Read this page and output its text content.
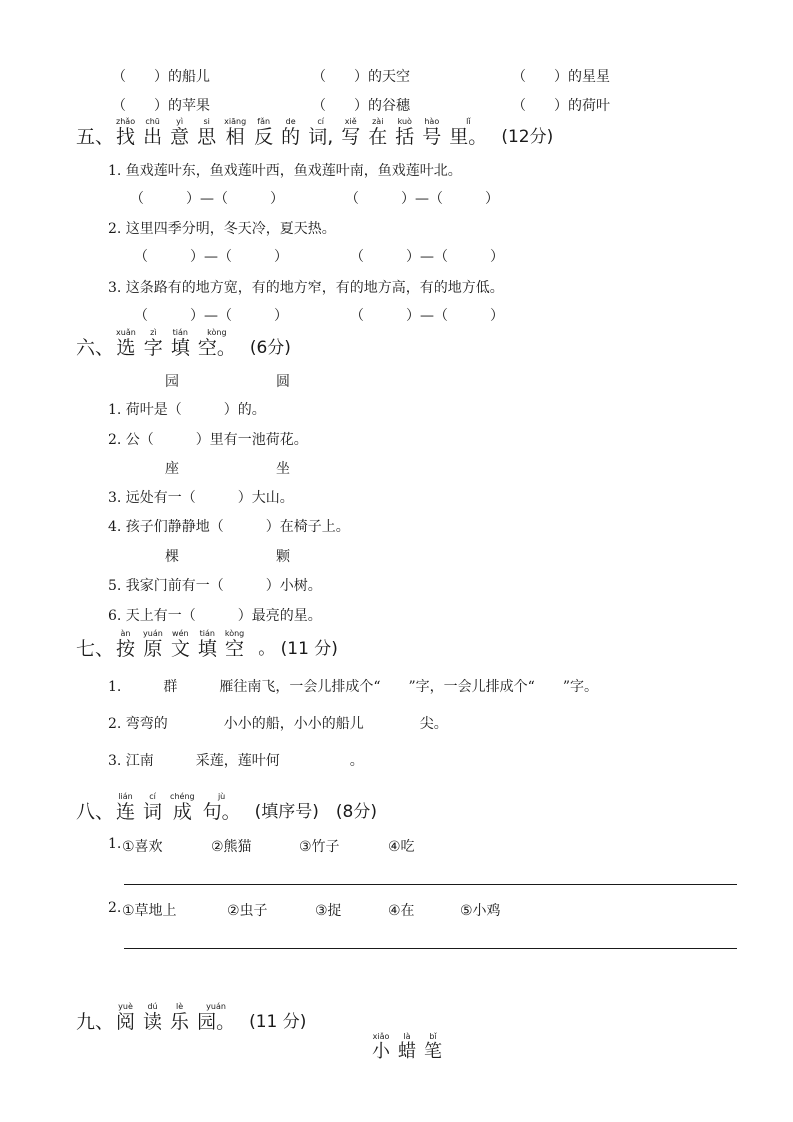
（　　）的船儿	（　　）的天空	（　　）的星星
（　　）的苹果	（　　）的谷穗	（　　）的荷叶
五、
zhǎo
找
chū
出
yì
意
si
思
xiāng
相
fǎn
反
de
的
cí
词,
xiě
写
zài
在
kuò
括
hào
号
lǐ
里。 (12分)
1. 鱼戏莲叶东，鱼戏莲叶西，鱼戏莲叶南，鱼戏莲叶北。
（　　　）—（　　　）	（　　　）—（　　　）
2. 这里四季分明，冬天冷，夏天热。
（　　　）—（　　　）	（　　　）—（　　　）
3. 这条路有的地方宽，有的地方窄，有的地方高，有的地方低。
（　　　）—（　　　）	（　　　）—（　　　）
六、
xuǎn
选
zì
字
tián
填
kòng
空。 (6分)
园	圆
1. 荷叶是（　　　）的。
2. 公（　　　）里有一池荷花。
座	坐
3. 远处有一（　　　）大山。
4. 孩子们静静地（　　　）在椅子上。
棵	颗
5. 我家门前有一（　　　）小树。
6. 天上有一（　　　）最亮的星。
七、
àn
按
yuán
原
wén
文
tián
填
kòng
空 。 (11 分)
1.　　　群　　　雁往南飞，一会儿排成个“　　”字，一会儿排成个“　　”字。
2. 弯弯的　　　　小小的船，小小的船儿　　　　尖。
3. 江南　　　采莲，莲叶何　　　　　。
八、
lián
连
cí
词
chéng
成
jù
句。 (填序号)　(8分)
1. ①喜欢	②熊猫	③竹子	④吃
2. ①草地上	②虫子	③捉	④在	⑤小鸡
九、
yuè
阅
dú
读
lè
乐
yuán
园。 (11 分)
xiǎo
小
là
蜡
bǐ
笔
